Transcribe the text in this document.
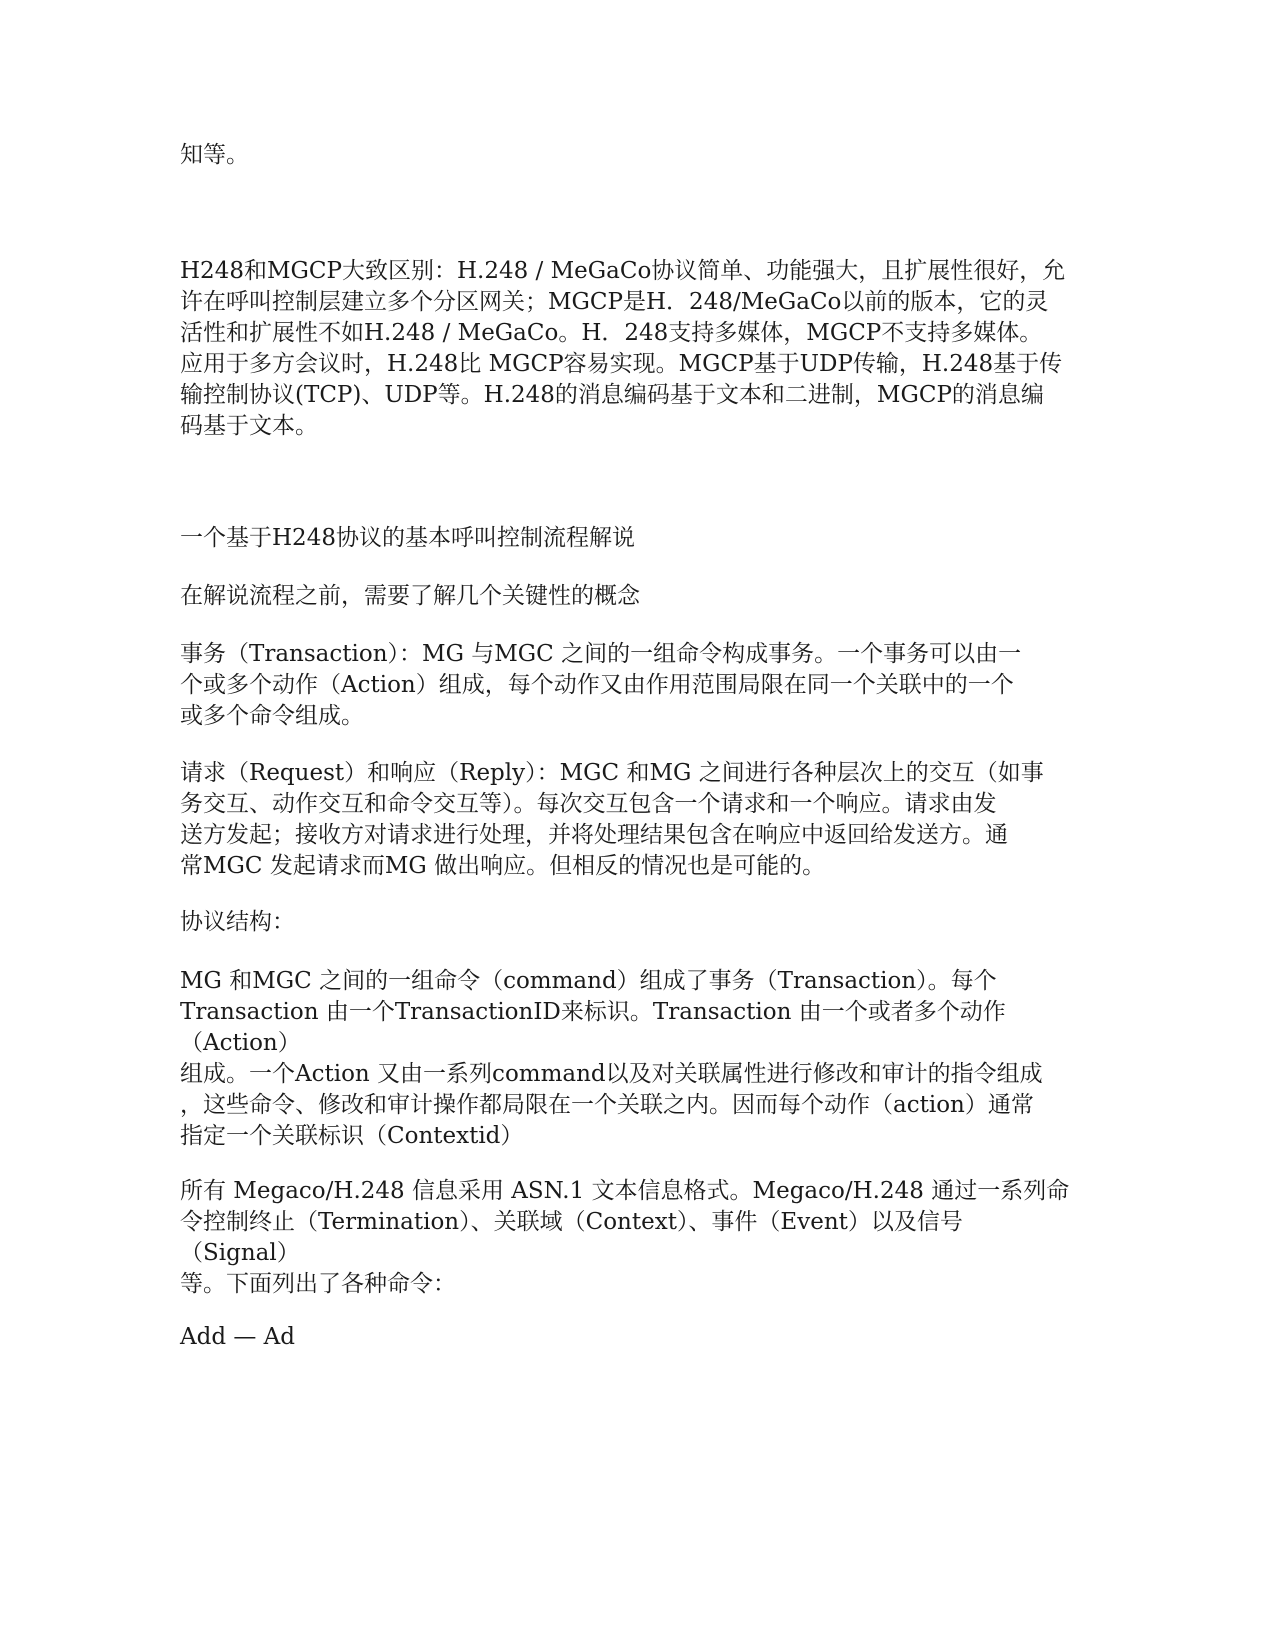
知等。

H248和MGCP大致区别：H.248 / MeGaCo协议简单、功能强大，且扩展性很好，允
许在呼叫控制层建立多个分区网关；MGCP是H．248/MeGaCo以前的版本，它的灵
活性和扩展性不如H.248 / MeGaCo。H．248支持多媒体，MGCP不支持多媒体。
应用于多方会议时，H.248比 MGCP容易实现。MGCP基于UDP传输，H.248基于传
输控制协议(TCP)、UDP等。H.248的消息编码基于文本和二进制，MGCP的消息编
码基于文本。

一个基于H248协议的基本呼叫控制流程解说

在解说流程之前，需要了解几个关键性的概念

事务（Transaction）：MG 与MGC 之间的一组命令构成事务。一个事务可以由一
个或多个动作（Action）组成，每个动作又由作用范围局限在同一个关联中的一个
或多个命令组成。

请求（Request）和响应（Reply）：MGC 和MG 之间进行各种层次上的交互（如事
务交互、动作交互和命令交互等）。每次交互包含一个请求和一个响应。请求由发
送方发起；接收方对请求进行处理，并将处理结果包含在响应中返回给发送方。通
常MGC 发起请求而MG 做出响应。但相反的情况也是可能的。

协议结构：

MG 和MGC 之间的一组命令（command）组成了事务（Transaction）。每个
Transaction 由一个TransactionID来标识。Transaction 由一个或者多个动作（Action）
组成。一个Action 又由一系列command以及对关联属性进行修改和审计的指令组成
，这些命令、修改和审计操作都局限在一个关联之内。因而每个动作（action）通常
指定一个关联标识（Contextid）

所有 Megaco/H.248 信息采用 ASN.1 文本信息格式。Megaco/H.248 通过一系列命
令控制终止（Termination）、关联域（Context）、事件（Event）以及信号（Signal）
等。下面列出了各种命令：

Add — Ad
